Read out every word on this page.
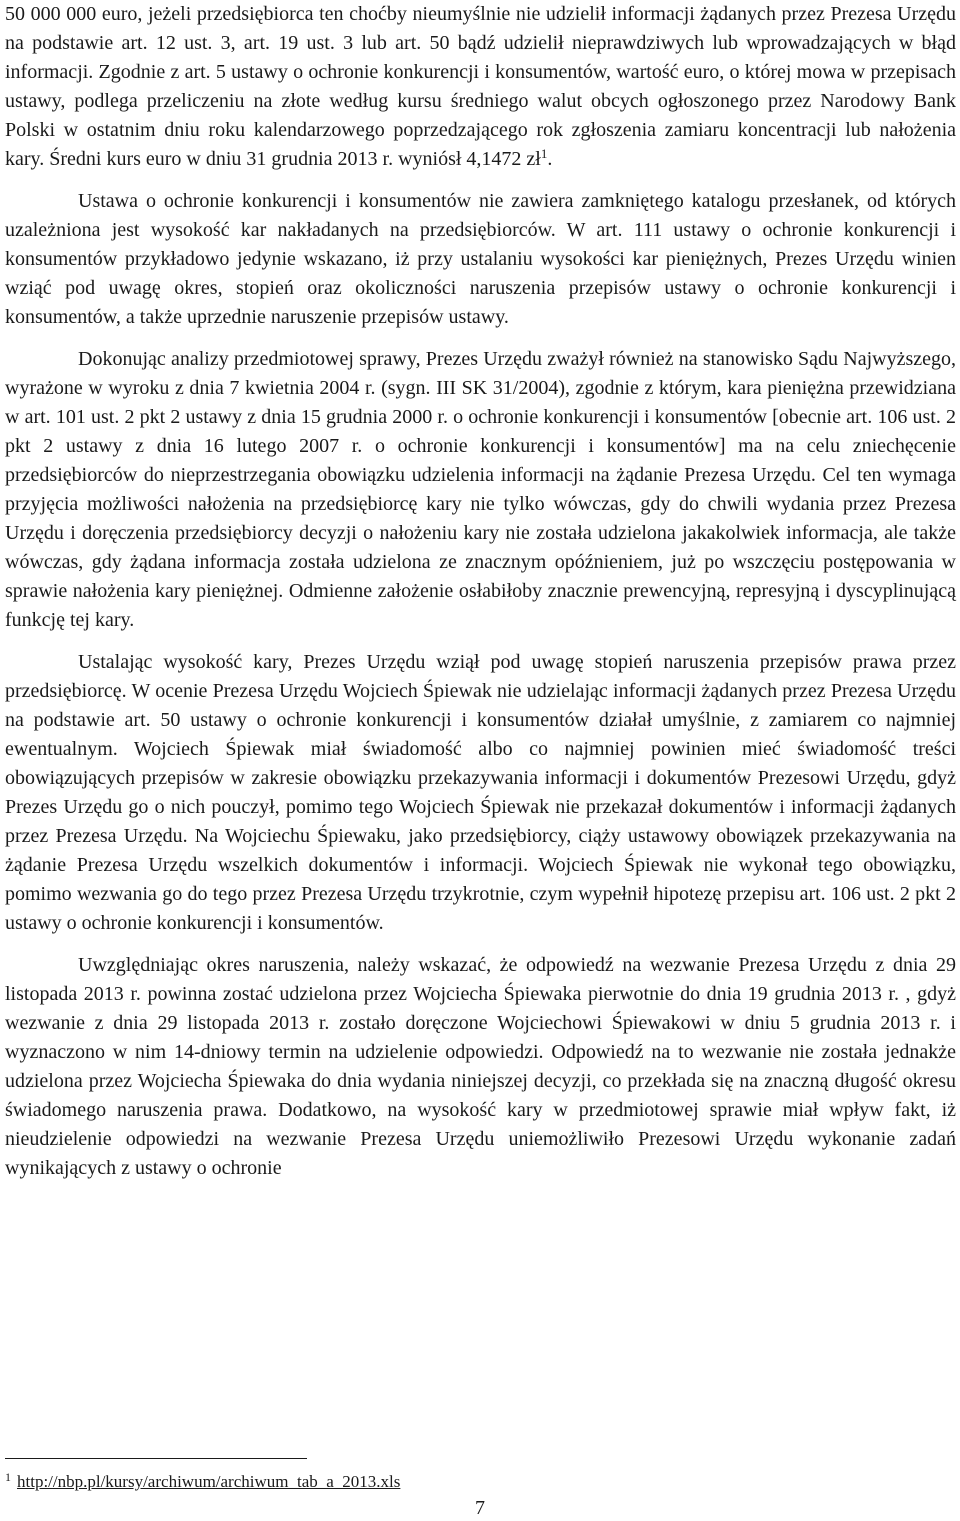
50 000 000 euro, jeżeli przedsiębiorca ten choćby nieumyślnie nie udzielił informacji żądanych przez Prezesa Urzędu na podstawie art. 12 ust. 3, art. 19 ust. 3 lub art. 50 bądź udzielił nieprawdziwych lub wprowadzających w błąd informacji. Zgodnie z art. 5 ustawy o ochronie konkurencji i konsumentów, wartość euro, o której mowa w przepisach ustawy, podlega przeliczeniu na złote według kursu średniego walut obcych ogłoszonego przez Narodowy Bank Polski w ostatnim dniu roku kalendarzowego poprzedzającego rok zgłoszenia zamiaru koncentracji lub nałożenia kary. Średni kurs euro w dniu 31 grudnia 2013 r. wyniósł 4,1472 $zł^1$.

Ustawa o ochronie konkurencji i konsumentów nie zawiera zamkniętego katalogu przesłanek, od których uzależniona jest wysokość kar nakładanych na przedsiębiorców. W art. 111 ustawy o ochronie konkurencji i konsumentów przykładowo jedynie wskazano, iż przy ustalaniu wysokości kar pieniężnych, Prezes Urzędu winien wziąć pod uwagę okres, stopień oraz okoliczności naruszenia przepisów ustawy o ochronie konkurencji i konsumentów, a także uprzednie naruszenie przepisów ustawy.

Dokonując analizy przedmiotowej sprawy, Prezes Urzędu zważył również na stanowisko Sądu Najwyższego, wyrażone w wyroku z dnia 7 kwietnia 2004 r. (sygn. III SK 31/2004), zgodnie z którym, kara pieniężna przewidziana w art. 101 ust. 2 pkt 2 ustawy z dnia 15 grudnia 2000 r. o ochronie konkurencji i konsumentów [obecnie art. 106 ust. 2 pkt 2 ustawy z dnia 16 lutego 2007 r. o ochronie konkurencji i konsumentów] ma na celu zniechęcenie przedsiębiorców do nieprzestrzegania obowiązku udzielenia informacji na żądanie Prezesa Urzędu. Cel ten wymaga przyjęcia możliwości nałożenia na przedsiębiorcę kary nie tylko wówczas, gdy do chwili wydania przez Prezesa Urzędu i doręczenia przedsiębiorcy decyzji o nałożeniu kary nie została udzielona jakakolwiek informacja, ale także wówczas, gdy żądana informacja została udzielona ze znacznym opóźnieniem, już po wszczęciu postępowania w sprawie nałożenia kary pieniężnej. Odmienne założenie osłabiłoby znacznie prewencyjną, represyjną i dyscyplinującą funkcję tej kary.

Ustalając wysokość kary, Prezes Urzędu wziął pod uwagę stopień naruszenia przepisów prawa przez przedsiębiorcę. W ocenie Prezesa Urzędu Wojciech Śpiewak nie udzielając informacji żądanych przez Prezesa Urzędu na podstawie art. 50 ustawy o ochronie konkurencji i konsumentów działał umyślnie, z zamiarem co najmniej ewentualnym. Wojciech Śpiewak miał świadomość albo co najmniej powinien mieć świadomość treści obowiązujących przepisów w zakresie obowiązku przekazywania informacji i dokumentów Prezesowi Urzędu, gdyż Prezes Urzędu go o nich pouczył, pomimo tego Wojciech Śpiewak nie przekazał dokumentów i informacji żądanych przez Prezesa Urzędu. Na Wojciechu Śpiewaku, jako przedsiębiorcy, ciąży ustawowy obowiązek przekazywania na żądanie Prezesa Urzędu wszelkich dokumentów i informacji. Wojciech Śpiewak nie wykonał tego obowiązku, pomimo wezwania go do tego przez Prezesa Urzędu trzykrotnie, czym wypełnił hipotezę przepisu art. 106 ust. 2 pkt 2 ustawy o ochronie konkurencji i konsumentów.

Uwzględniając okres naruszenia, należy wskazać, że odpowiedź na wezwanie Prezesa Urzędu z dnia 29 listopada 2013 r. powinna zostać udzielona przez Wojciecha Śpiewaka pierwotnie do dnia 19 grudnia 2013 r. , gdyż wezwanie z dnia 29 listopada 2013 r. zostało doręczone Wojciechowi Śpiewakowi w dniu 5 grudnia 2013 r. i wyznaczono w nim 14-dniowy termin na udzielenie odpowiedzi. Odpowiedź na to wezwanie nie została jednakże udzielona przez Wojciecha Śpiewaka do dnia wydania niniejszej decyzji, co przekłada się na znaczną długość okresu świadomego naruszenia prawa. Dodatkowo, na wysokość kary w przedmiotowej sprawie miał wpływ fakt, iż nieudzielenie odpowiedzi na wezwanie Prezesa Urzędu uniemożliwiło Prezesowi Urzędu wykonanie zadań wynikających z ustawy o ochronie

$^1$ http://nbp.pl/kursy/archiwum/archiwum_tab_a_2013.xls
7
